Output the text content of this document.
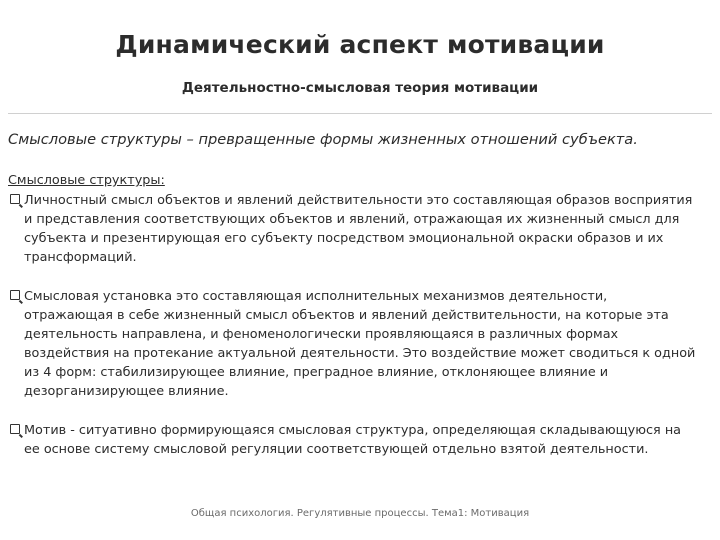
Динамический аспект мотивации
Деятельностно-смысловая теория мотивации
Смысловые структуры – превращенные формы жизненных отношений субъекта.
Смысловые структуры:
Личностный смысл объектов и явлений действительности это составляющая образов восприятия и представления соответствующих объектов и явлений, отражающая их жизненный смысл для субъекта и презентирующая его субъекту посредством эмоциональной окраски образов и их трансформаций.
Смысловая установка это составляющая исполнительных механизмов деятельности, отражающая в себе жизненный смысл объектов и явлений действительности, на которые эта деятельность направлена, и феноменологически проявляющаяся в различных формах воздействия на протекание актуальной деятельности. Это воздействие может сводиться к одной из 4 форм: стабилизирующее влияние, преградное влияние, отклоняющее влияние и дезорганизирующее влияние.
Мотив - ситуативно формирующаяся смысловая структура, определяющая складывающуюся на ее основе систему смысловой регуляции соответствующей отдельно взятой деятельности.
Общая психология. Регулятивные процессы. Тема1: Мотивация
